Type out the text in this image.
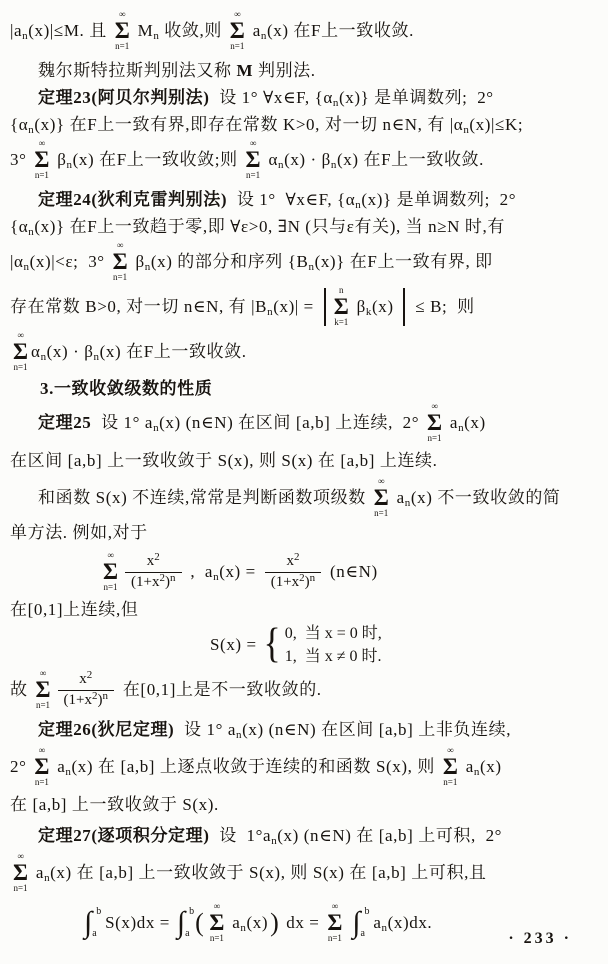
$|a_n(x)|\le M$. 且
∞
Σ
n=1
$M_n$ 收敛,则
∞
Σ
n=1
$a_n(x)$ 在F上一致收敛.
魏尔斯特拉斯判别法又称 M 判别法.
定理23(阿贝尔判别法) 设 1° ∀x∈F, $\{\alpha_n(x)\}$ 是单调数列;  2°
$\{\alpha_n(x)\}$ 在F上一致有界,即存在常数 K>0, 对一切 n∈N, 有 $|\alpha_n(x)|\le K$;
3°
∞
Σ
n=1
$\beta_n(x)$ 在F上一致收敛;则
∞
Σ
n=1
$\alpha_n(x) \cdot \beta_n(x)$ 在F上一致收敛.
定理24(狄利克雷判别法) 设 1°  ∀x∈F, $\{\alpha_n(x)\}$ 是单调数列;  2°
$\{\alpha_n(x)\}$ 在F上一致趋于零,即 ∀ε>0, ∃N (只与ε有关), 当 n≥N 时,有
$|\alpha_n(x)|<\varepsilon$;  3°
∞
Σ
n=1
$\beta_n(x)$ 的部分和序列 $\{B_n(x)\}$ 在F上一致有界, 即
存在常数 B>0, 对一切 n∈N, 有 $|B_n(x)|$ =
n
Σ
k=1
$\beta_k(x) \le B$;  则
∞
Σ
n=1
$\alpha_n(x) \cdot \beta_n(x)$ 在F上一致收敛.
3.一致收敛级数的性质
定理25 设 1° $a_n(x)$ (n∈N) 在区间 [a,b] 上连续,  2°
∞
Σ
n=1
$a_n(x)$
在区间 [a,b] 上一致收敛于 S(x), 则 S(x) 在 [a,b] 上连续.
和函数 S(x) 不连续,常常是判断函数项级数
∞
Σ
n=1
$a_n(x)$ 不一致收敛的简
单方法. 例如,对于
∞
Σ
$n=1 \frac{x^2}{(1+x^2)^n}$ ,  $a_n(x) = \frac{x^2}{(1+x^2)^n}$ (n∈N)
在[0,1]上连续,但
S(x) = { 0,  当 x = 0 时,
1,  当 x ≠ 0 时.
故
∞
Σ
$n=1 \frac{x^2}{(1+x^2)^n}$ 在[0,1]上是不一致收敛的.
定理26(狄尼定理) 设 1° $a_n(x)$ (n∈N) 在区间 [a,b] 上非负连续,
2°
∞
Σ
n=1
$a_n(x)$ 在 [a,b] 上逐点收敛于连续的和函数 S(x), 则
∞
Σ
n=1
$a_n(x)$
在 [a,b] 上一致收敛于 S(x).
定理27(逐项积分定理) 设  $1^\circ a_n(x)$ (n∈N) 在 [a,b] 上可积,  2°
∞
Σ
n=1
$a_n(x)$ 在 [a,b] 上一致收敛于 S(x), 则 S(x) 在 [a,b] 上可积,且
∫ b
a
S(x)dx = ∫ b
a (
∞
Σ
n=1
$a_n(x)$ ) dx =
∞
Σ
n=1
∫ b
a
$a_n(x)dx$.
· 233 ·
